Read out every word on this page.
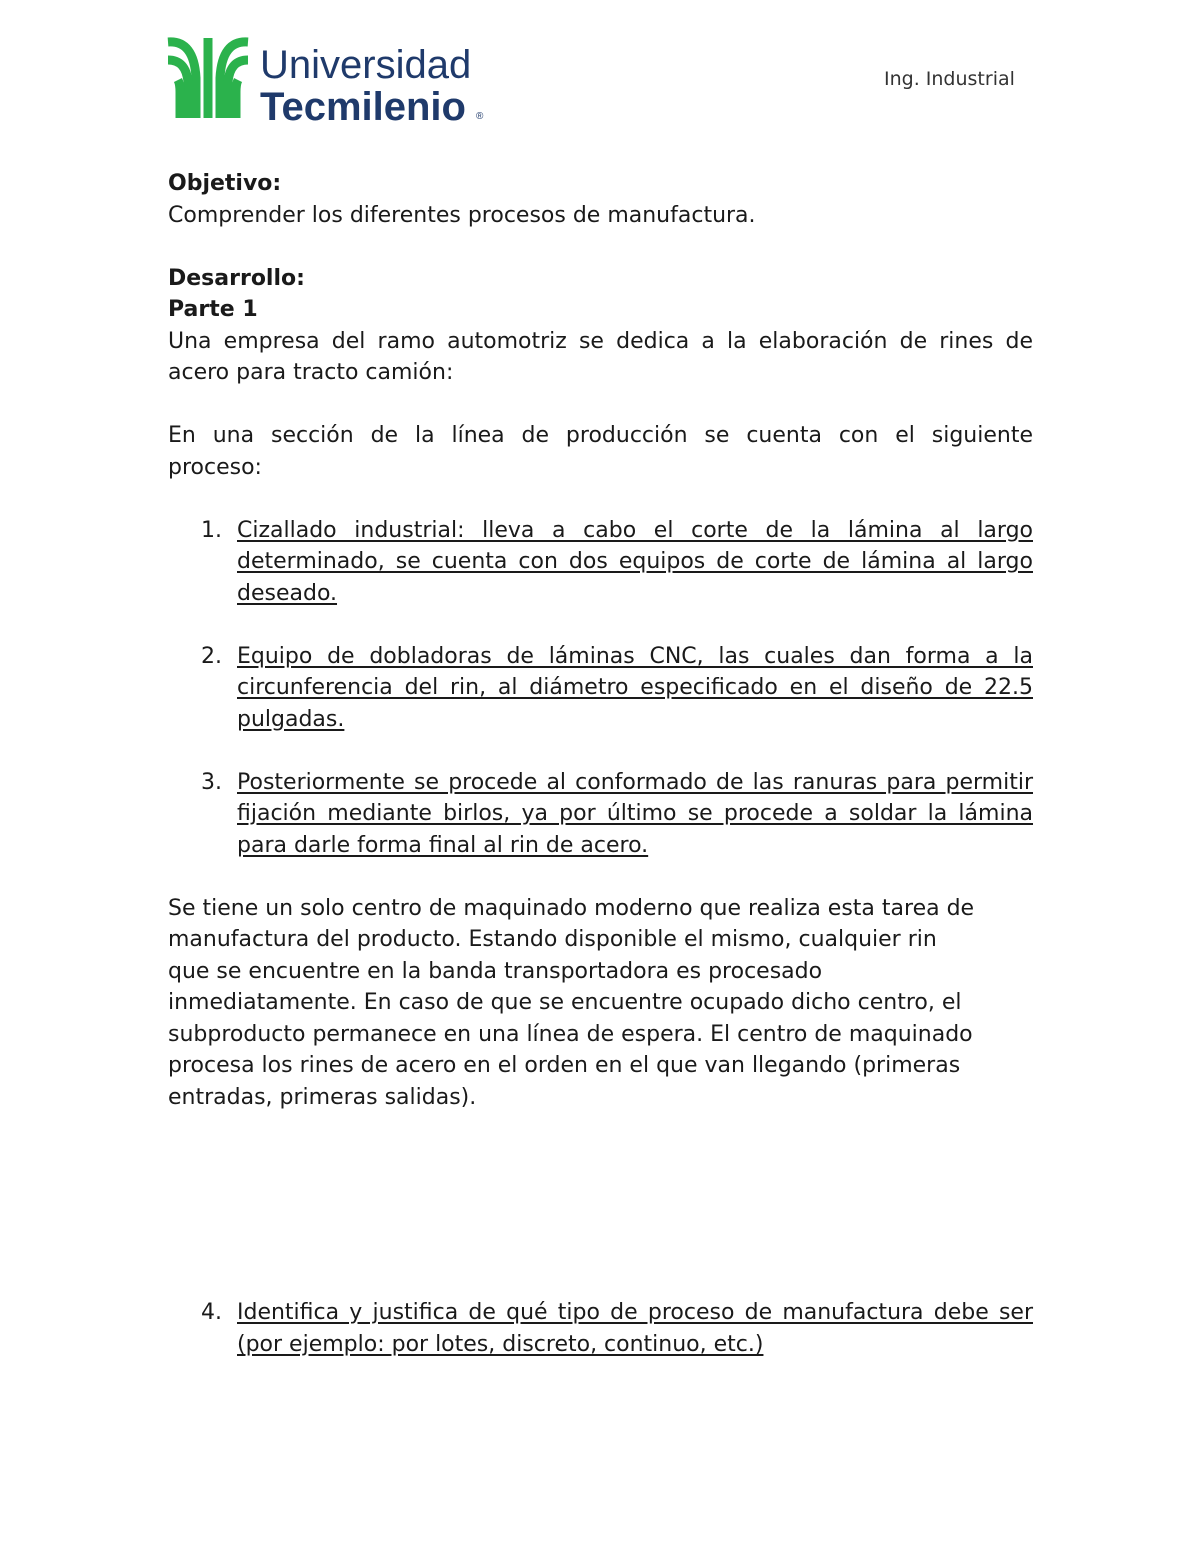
Universidad
Tecmilenio ®
Ing. Industrial

Objetivo:

Comprender los diferentes procesos de manufactura.

Desarrollo:

Parte 1

Una empresa del ramo automotriz se dedica a la elaboración de rines de

acero para tracto camión:

En una sección de la línea de producción se cuenta con el siguiente

proceso:

1. Cizallado industrial: lleva a cabo el corte de la lámina al largo determinado, se cuenta con dos equipos de corte de lámina al largo deseado.
2. Equipo de dobladoras de láminas CNC, las cuales dan forma a la circunferencia del rin, al diámetro especificado en el diseño de 22.5 pulgadas.
3. Posteriormente se procede al conformado de las ranuras para permitir fijación mediante birlos, ya por último se procede a soldar la lámina para darle forma final al rin de acero.

Se tiene un solo centro de maquinado moderno que realiza esta tarea de

manufactura del producto. Estando disponible el mismo, cualquier rin

que se encuentre en la banda transportadora es procesado

inmediatamente. En caso de que se encuentre ocupado dicho centro, el

subproducto permanece en una línea de espera. El centro de maquinado

procesa los rines de acero en el orden en el que van llegando (primeras

entradas, primeras salidas).

4. Identifica y justifica de qué tipo de proceso de manufactura debe ser (por ejemplo: por lotes, discreto, continuo, etc.)
